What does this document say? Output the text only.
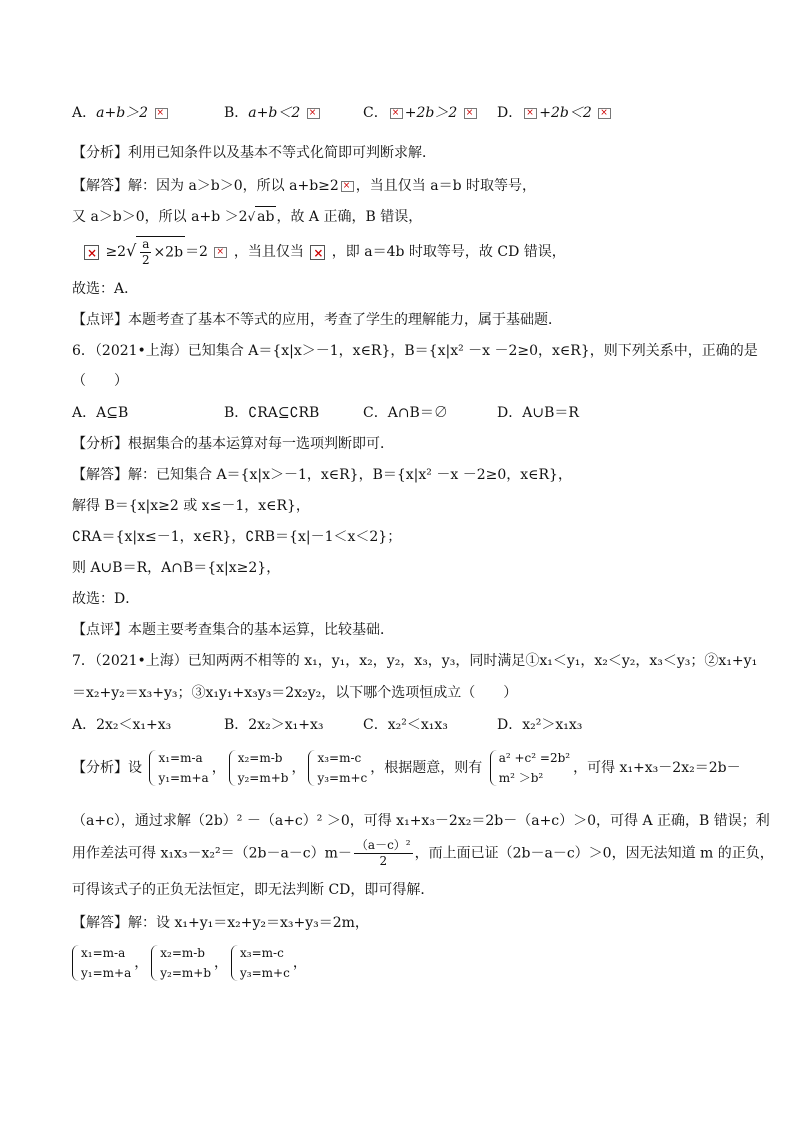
A．a+b＞2 ×	B．a+b＜2 ×	C． × +2b＞2 ×	D． × +2b＜2 ×
【分析】利用已知条件以及基本不等式化简即可判断求解．
【解答】解：因为 a＞b＞0，所以 a+b≥2 × ，当且仅当 a＝b 时取等号，
又 a＞b＞0，所以 a+b ＞2√ ab ，故 A 正确，B 错误，
× $\ge 2√ \frac{a}{2} \times 2b =2$ × ，当且仅当 × ，即 a＝4b 时取等号，故 CD 错误，
故选：A．
【点评】本题考查了基本不等式的应用，考查了学生的理解能力，属于基础题．
6．（2021•上海）已知集合 A＝{x|x＞－1，x∈R}，B＝{x|x² －x －2≥0，x∈R}，则下列关系中，正确的是
（　　）
A．A⊆B	B．∁RA⊆∁RB	C．A∩B＝∅	D．A∪B＝R
【分析】根据集合的基本运算对每一选项判断即可．
【解答】解：已知集合 A＝{x|x＞－1，x∈R}，B＝{x|x² －x －2≥0，x∈R}，
解得 B＝{x|x≥2 或 x≤－1，x∈R}，
∁RA＝{x|x≤－1，x∈R}，∁RB＝{x|－1＜x＜2}；
则 A∪B＝R，A∩B＝{x|x≥2}，
故选：D．
【点评】本题主要考查集合的基本运算，比较基础．
7．（2021•上海）已知两两不相等的 x₁，y₁，x₂，y₂，x₃，y₃，同时满足①x₁＜y₁，x₂＜y₂，x₃＜y₃；②x₁+y₁
＝x₂+y₂＝x₃+y₃；③x₁y₁+x₃y₃＝2x₂y₂，以下哪个选项恒成立（　　）
A．2x₂＜x₁+x₃	B．2x₂＞x₁+x₃	C．x₂²＜x₁x₃	D．x₂²＞x₁x₃
【分析】设
x₁=m-a
y₁=m+a
，
x₂=m-b
y₂=m+b
，
x₃=m-c
y₃=m+c
，根据题意，则有
a² +c² =2b²
m² ＞b²
，可得 x₁+x₃－2x₂＝2b－
（a+c），通过求解（2b）² －（a+c）² ＞0，可得 x₁+x₃－2x₂＝2b－（a+c）＞0，可得 A 正确，B 错误；利
用作差法可得 $x_1x_3-x_2^2=(2b-a-c)m- \frac{\text{（a－c）²}}{2}$ ，而上面已证（2b－a－c）＞0，因无法知道 m 的正负，
可得该式子的正负无法恒定，即无法判断 CD，即可得解．
【解答】解：设 x₁+y₁＝x₂+y₂＝x₃+y₃＝2m，
x₁=m-a
y₁=m+a
，
x₂=m-b
y₂=m+b
，
x₃=m-c
y₃=m+c
，
